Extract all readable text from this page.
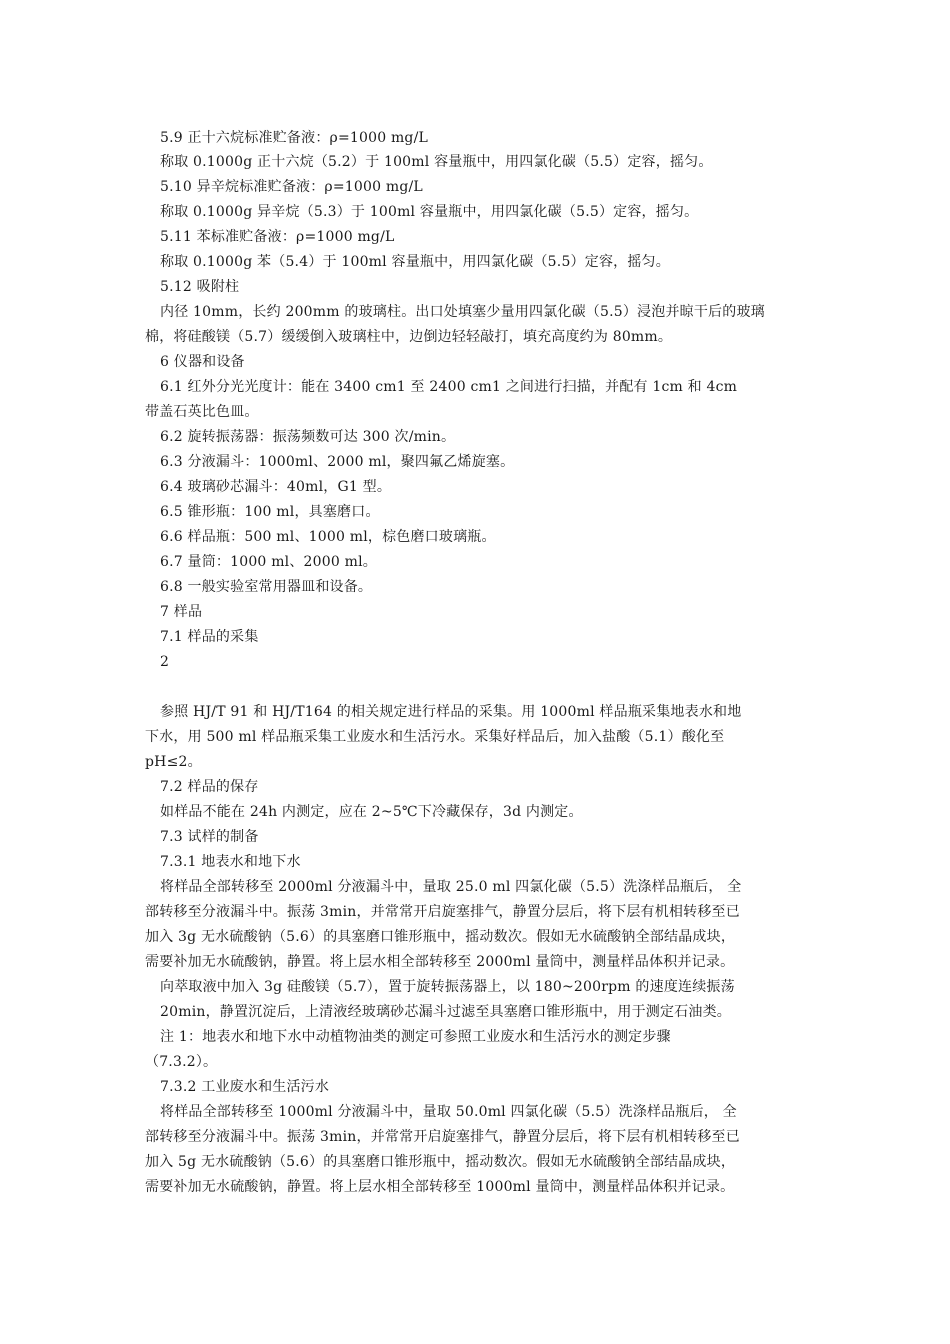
5.9 正十六烷标准贮备液：ρ=1000 mg/L
称取 0.1000g 正十六烷（5.2）于 100ml 容量瓶中，用四氯化碳（5.5）定容，摇匀。
5.10 异辛烷标准贮备液：ρ=1000 mg/L
称取 0.1000g 异辛烷（5.3）于 100ml 容量瓶中，用四氯化碳（5.5）定容，摇匀。
5.11 苯标准贮备液：ρ=1000 mg/L
称取 0.1000g 苯（5.4）于 100ml 容量瓶中，用四氯化碳（5.5）定容，摇匀。
5.12 吸附柱
内径 10mm，长约 200mm 的玻璃柱。出口处填塞少量用四氯化碳（5.5）浸泡并晾干后的玻璃
棉，将硅酸镁（5.7）缓缓倒入玻璃柱中，边倒边轻轻敲打，填充高度约为 80mm。
6 仪器和设备
6.1 红外分光光度计：能在 3400 cm1 至 2400 cm1 之间进行扫描，并配有 1cm 和 4cm
带盖石英比色皿。
6.2 旋转振荡器：振荡频数可达 300 次/min。
6.3 分液漏斗：1000ml、2000 ml，聚四氟乙烯旋塞。
6.4 玻璃砂芯漏斗：40ml，G1 型。
6.5 锥形瓶：100 ml，具塞磨口。
6.6 样品瓶：500 ml、1000 ml，棕色磨口玻璃瓶。
6.7 量筒：1000 ml、2000 ml。
6.8 一般实验室常用器皿和设备。
7 样品
7.1 样品的采集
2
参照 HJ/T 91 和 HJ/T164 的相关规定进行样品的采集。用 1000ml 样品瓶采集地表水和地
下水，用 500 ml 样品瓶采集工业废水和生活污水。采集好样品后，加入盐酸（5.1）酸化至
pH≤2。
7.2 样品的保存
如样品不能在 24h 内测定，应在 2~5℃下冷藏保存，3d 内测定。
7.3 试样的制备
7.3.1 地表水和地下水
将样品全部转移至 2000ml 分液漏斗中，量取 25.0 ml 四氯化碳（5.5）洗涤样品瓶后， 全
部转移至分液漏斗中。振荡 3min，并常常开启旋塞排气，静置分层后，将下层有机相转移至已
加入 3g 无水硫酸钠（5.6）的具塞磨口锥形瓶中，摇动数次。假如无水硫酸钠全部结晶成块，
需要补加无水硫酸钠，静置。将上层水相全部转移至 2000ml 量筒中，测量样品体积并记录。
向萃取液中加入 3g 硅酸镁（5.7），置于旋转振荡器上，以 180~200rpm 的速度连续振荡
20min，静置沉淀后，上清液经玻璃砂芯漏斗过滤至具塞磨口锥形瓶中，用于测定石油类。
注 1：地表水和地下水中动植物油类的测定可参照工业废水和生活污水的测定步骤
（7.3.2）。
7.3.2 工业废水和生活污水
将样品全部转移至 1000ml 分液漏斗中，量取 50.0ml 四氯化碳（5.5）洗涤样品瓶后， 全
部转移至分液漏斗中。振荡 3min，并常常开启旋塞排气，静置分层后，将下层有机相转移至已
加入 5g 无水硫酸钠（5.6）的具塞磨口锥形瓶中，摇动数次。假如无水硫酸钠全部结晶成块，
需要补加无水硫酸钠，静置。将上层水相全部转移至 1000ml 量筒中，测量样品体积并记录。
